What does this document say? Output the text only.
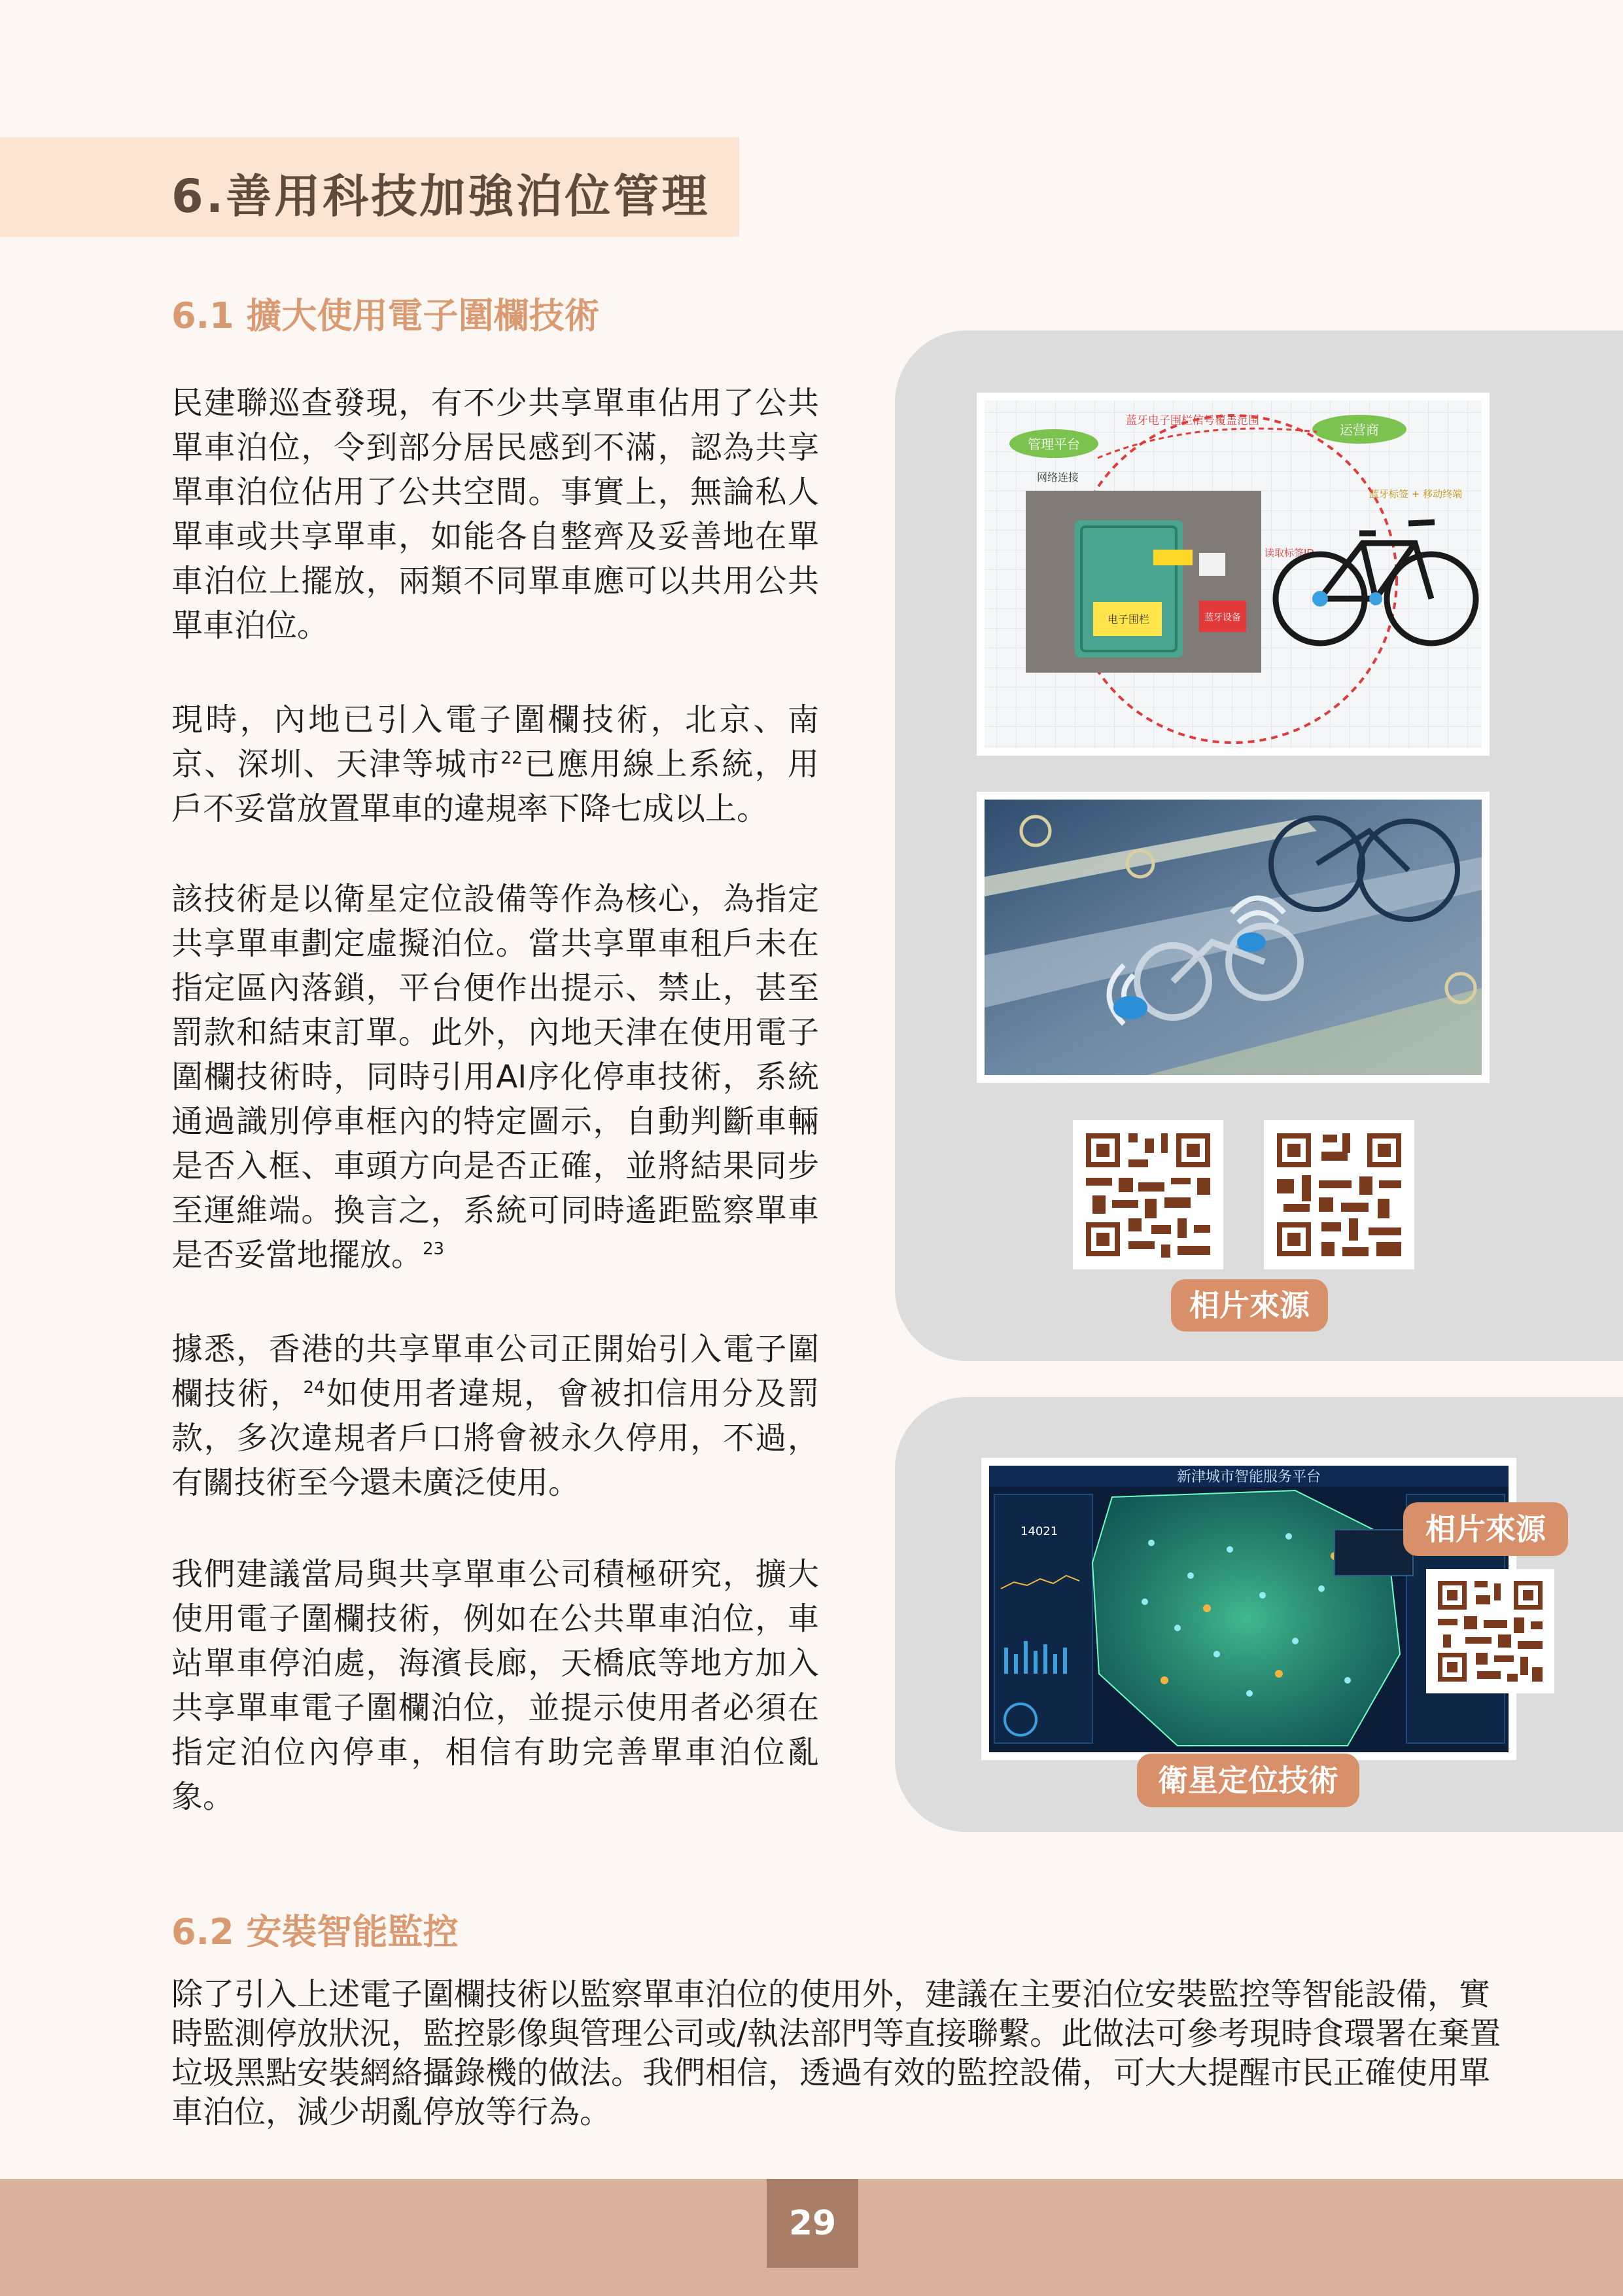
6.善用科技加強泊位管理
6.1 擴大使用電子圍欄技術

民建聯巡查發現，有不少共享單車佔用了公共單車泊位，令到部分居民感到不滿，認為共享單車泊位佔用了公共空間。事實上，無論私人單車或共享單車，如能各自整齊及妥善地在單車泊位上擺放，兩類不同單車應可以共用公共單車泊位。

現時，內地已引入電子圍欄技術，北京、南京、深圳、天津等城市$^{22}$已應用線上系統，用戶不妥當放置單車的違規率下降七成以上。

該技術是以衛星定位設備等作為核心，為指定共享單車劃定虛擬泊位。當共享單車租戶未在指定區內落鎖，平台便作出提示、禁止，甚至罰款和結束訂單。此外，內地天津在使用電子圍欄技術時，同時引用AI序化停車技術，系統通過識別停車框內的特定圖示，自動判斷車輛是否入框、車頭方向是否正確，並將結果同步至運維端。換言之，系統可同時遙距監察單車是否妥當地擺放。$^{23}$

據悉，香港的共享單車公司正開始引入電子圍欄技術，$^{24}$如使用者違規，會被扣信用分及罰款，多次違規者戶口將會被永久停用，不過，有關技術至今還未廣泛使用。

我們建議當局與共享單車公司積極研究，擴大使用電子圍欄技術，例如在公共單車泊位，車站單車停泊處，海濱長廊，天橋底等地方加入共享單車電子圍欄泊位，並提示使用者必須在指定泊位內停車，相信有助完善單車泊位亂象。

管理平台
运营商
蓝牙电子围栏信号覆盖范围
网络连接
蓝牙标签 + 移动终端
读取标签ID
电子围栏	蓝牙设备
相片來源
新津城市智能服务平台
14021	相片來源
衛星定位技術
6.2 安裝智能監控

除了引入上述電子圍欄技術以監察單車泊位的使用外，建議在主要泊位安裝監控等智能設備，實時監測停放狀況，監控影像與管理公司或/執法部門等直接聯繫。此做法可參考現時食環署在棄置垃圾黑點安裝網絡攝錄機的做法。我們相信，透過有效的監控設備，可大大提醒市民正確使用單車泊位，減少胡亂停放等行為。

29
